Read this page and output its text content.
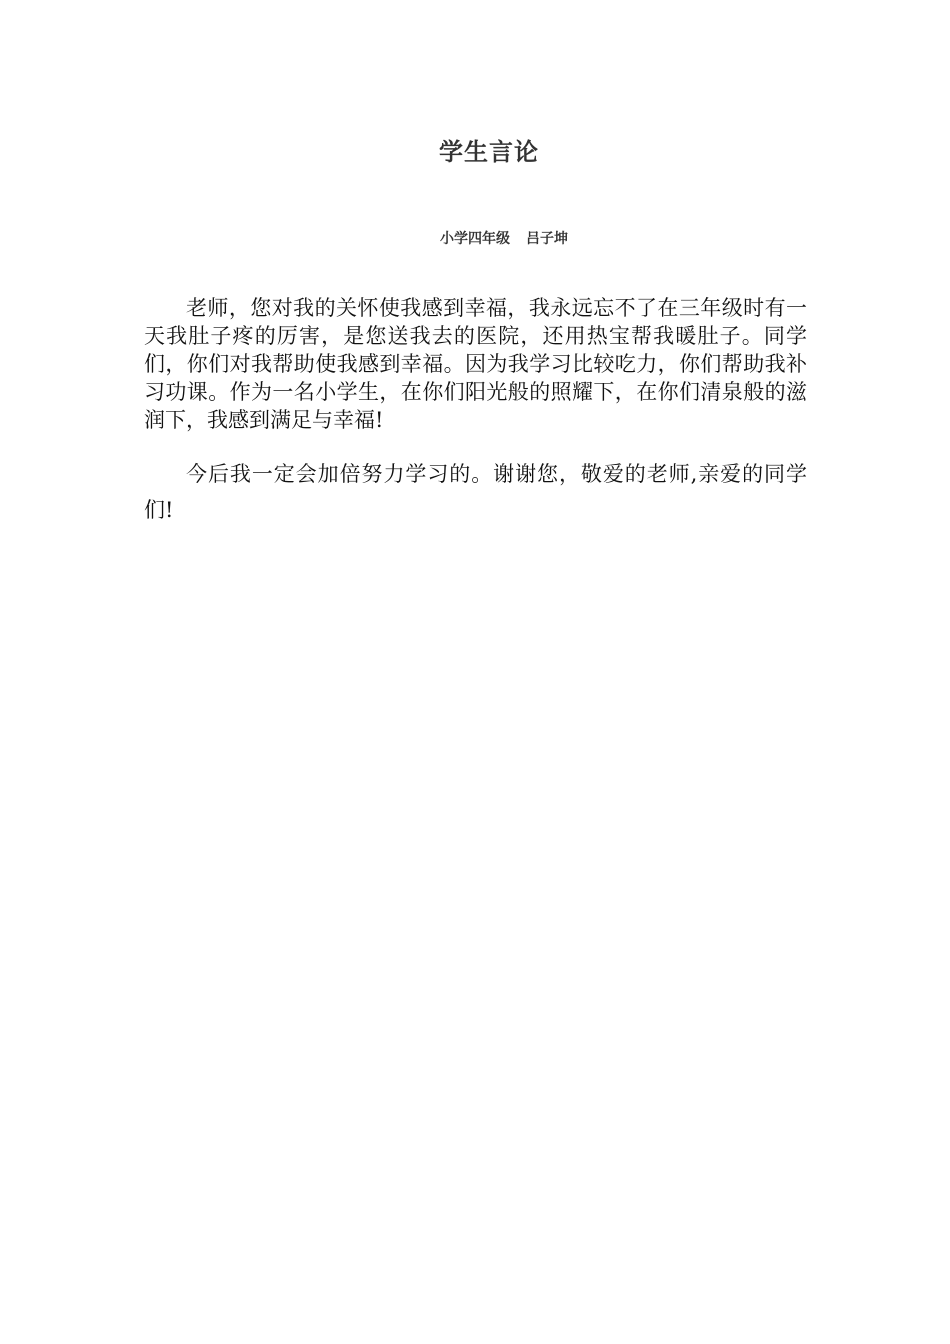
学生言论
小学四年级 吕子坤

老师，您对我的关怀使我感到幸福，我永远忘不了在三年级时有一天我肚子疼的厉害，是您送我去的医院，还用热宝帮我暖肚子。同学们，你们对我帮助使我感到幸福。因为我学习比较吃力，你们帮助我补习功课。作为一名小学生，在你们阳光般的照耀下，在你们清泉般的滋润下，我感到满足与幸福!

今后我一定会加倍努力学习的。谢谢您，敬爱的老师,亲爱的同学们!
